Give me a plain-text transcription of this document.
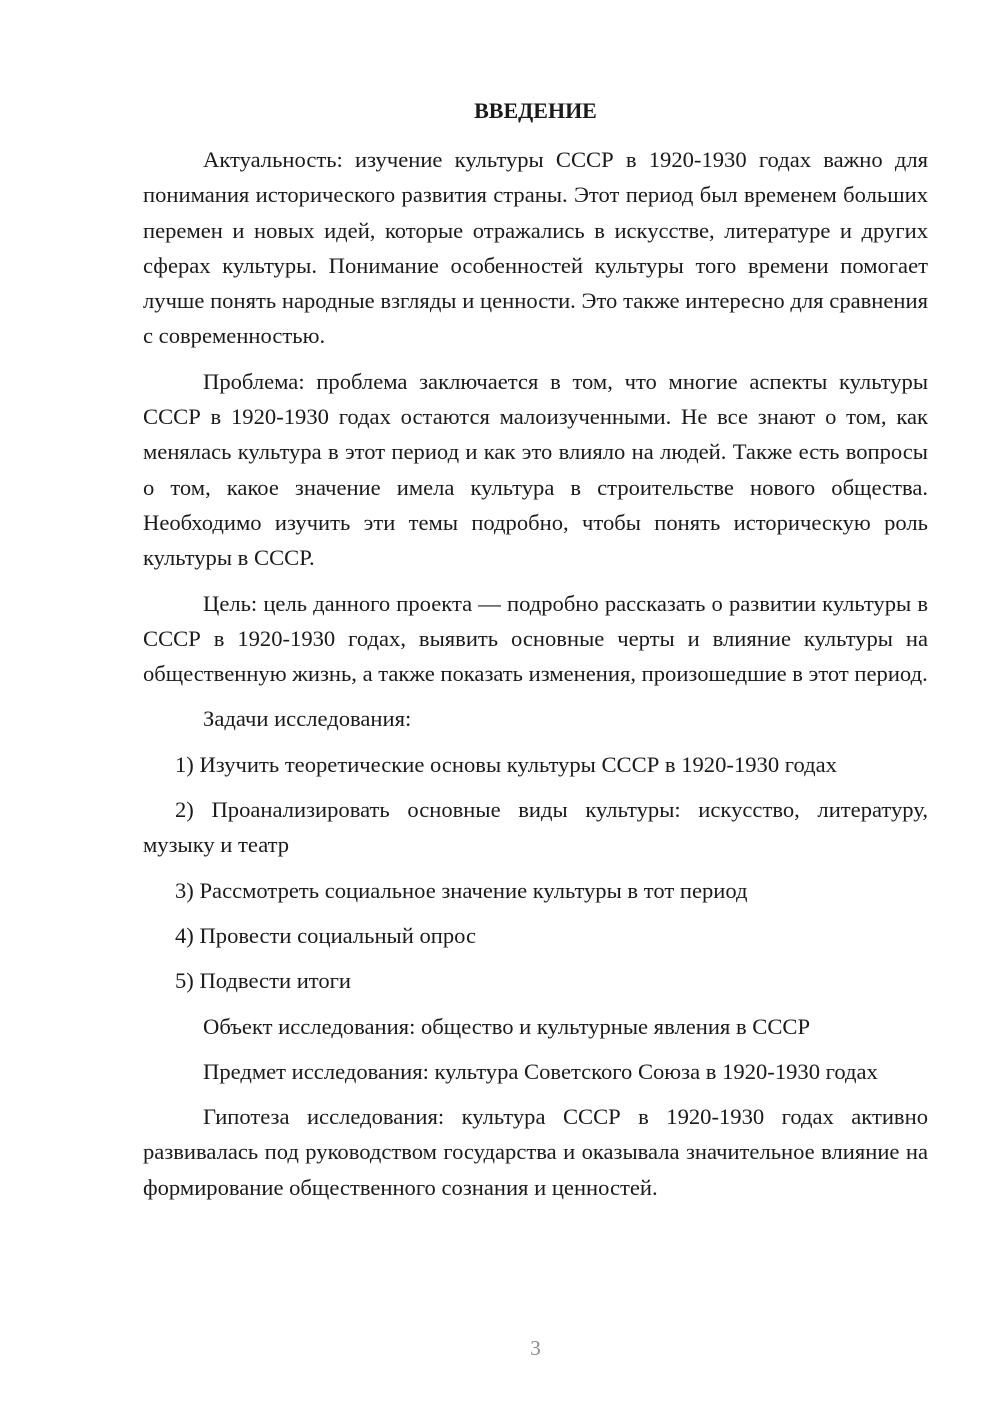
ВВЕДЕНИЕ

Актуальность: изучение культуры СССР в 1920-1930 годах важно для понимания исторического развития страны. Этот период был временем больших перемен и новых идей, которые отражались в искусстве, литературе и других сферах культуры. Понимание особенностей культуры того времени помогает лучше понять народные взгляды и ценности. Это также интересно для сравнения с современностью.

Проблема: проблема заключается в том, что многие аспекты культуры СССР в 1920-1930 годах остаются малоизученными. Не все знают о том, как менялась культура в этот период и как это влияло на людей. Также есть вопросы о том, какое значение имела культура в строительстве нового общества. Необходимо изучить эти темы подробно, чтобы понять историческую роль культуры в СССР.

Цель: цель данного проекта — подробно рассказать о развитии культуры в СССР в 1920-1930 годах, выявить основные черты и влияние культуры на общественную жизнь, а также показать изменения, произошедшие в этот период.

Задачи исследования:

1) Изучить теоретические основы культуры СССР в 1920-1930 годах

2) Проанализировать основные виды культуры: искусство, литературу, музыку и театр

3) Рассмотреть социальное значение культуры в тот период

4) Провести социальный опрос

5) Подвести итоги

Объект исследования: общество и культурные явления в СССР

Предмет исследования: культура Советского Союза в 1920-1930 годах

Гипотеза исследования: культура СССР в 1920-1930 годах активно развивалась под руководством государства и оказывала значительное влияние на формирование общественного сознания и ценностей.

3
